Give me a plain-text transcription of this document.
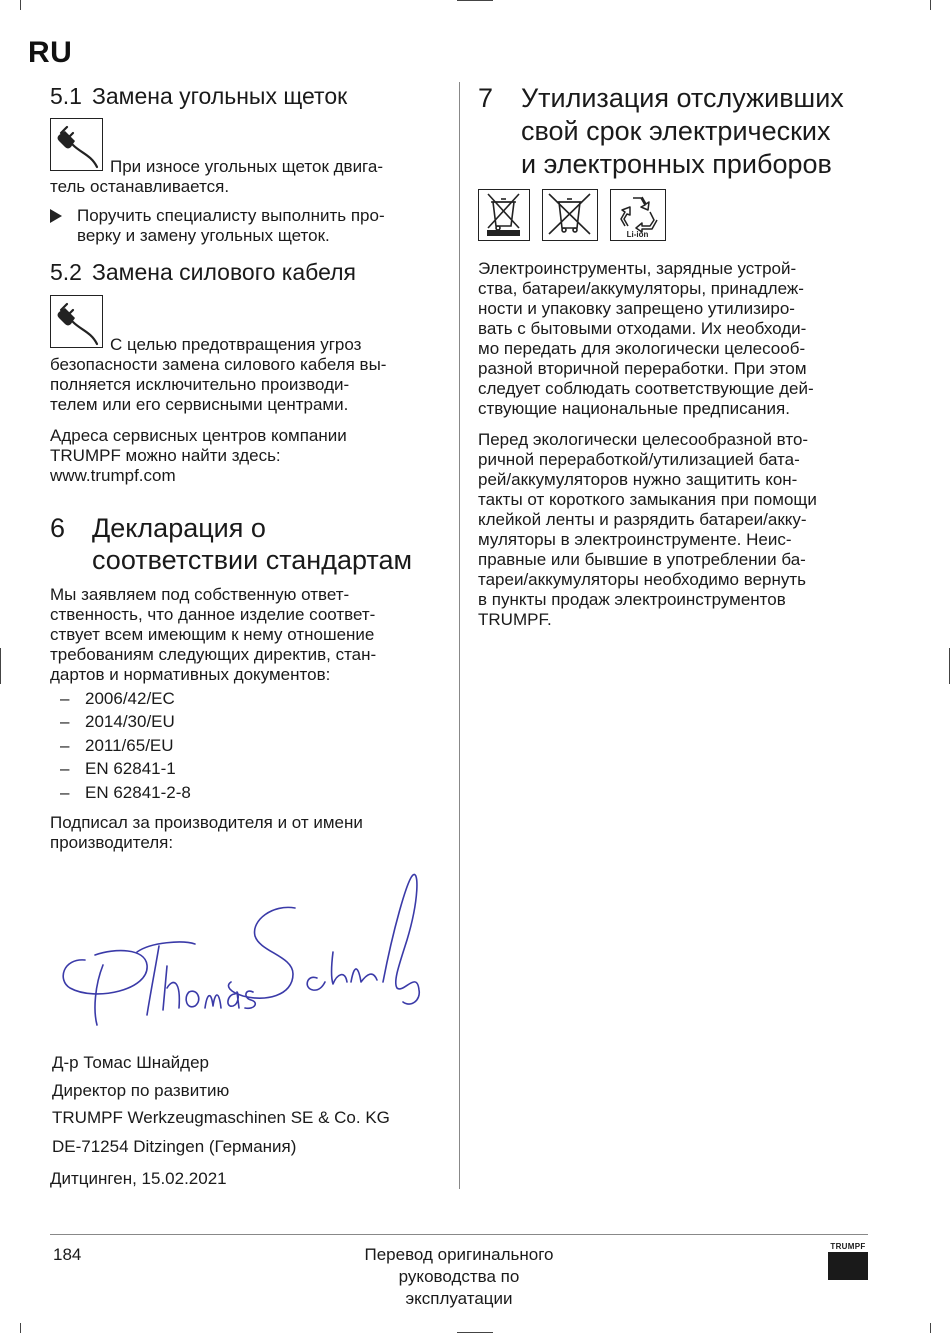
RU
5.1 Замена угольных щеток
При износе угольных щеток двига-
тель останавливается.
Поручить специалисту выполнить про-
верку и замену угольных щеток.
5.2 Замена силового кабеля
С целью предотвращения угроз
безопасности замена силового кабеля вы-
полняется исключительно производи-
телем или его сервисными центрами.
Адреса сервисных центров компании
TRUMPF можно найти здесь:
www.trumpf.com
6 Декларация о
соответствии стандартам
Мы заявляем под собственную ответ-
ственность, что данное изделие соответ-
ствует всем имеющим к нему отношение
требованиям следующих директив, стан-
дартов и нормативных документов:
– 2006/42/EC
– 2014/30/EU
– 2011/65/EU
– EN 62841-1
– EN 62841-2-8
Подписал за производителя и от имени
производителя:
Д-р Томас Шнайдер
Директор по развитию
TRUMPF Werkzeugmaschinen SE & Co. KG
DE-71254 Ditzingen (Германия)
Дитцинген, 15.02.2021
7 Утилизация отслуживших
свой срок электрических
и электронных приборов
Li-ion
Электроинструменты, зарядные устрой-
ства, батареи/аккумуляторы, принадлеж-
ности и упаковку запрещено утилизиро-
вать с бытовыми отходами. Их необходи-
мо передать для экологически целесооб-
разной вторичной переработки. При этом
следует соблюдать соответствующие дей-
ствующие национальные предписания.
Перед экологически целесообразной вто-
ричной переработкой/утилизацией бата-
рей/аккумуляторов нужно защитить кон-
такты от короткого замыкания при помощи
клейкой ленты и разрядить батареи/акку-
муляторы в электроинструменте. Неис-
правные или бывшие в употреблении ба-
тареи/аккумуляторы необходимо вернуть
в пункты продаж электроинструментов
TRUMPF.
184	Перевод оригинального
руководства по
эксплуатации
TRUMPF
